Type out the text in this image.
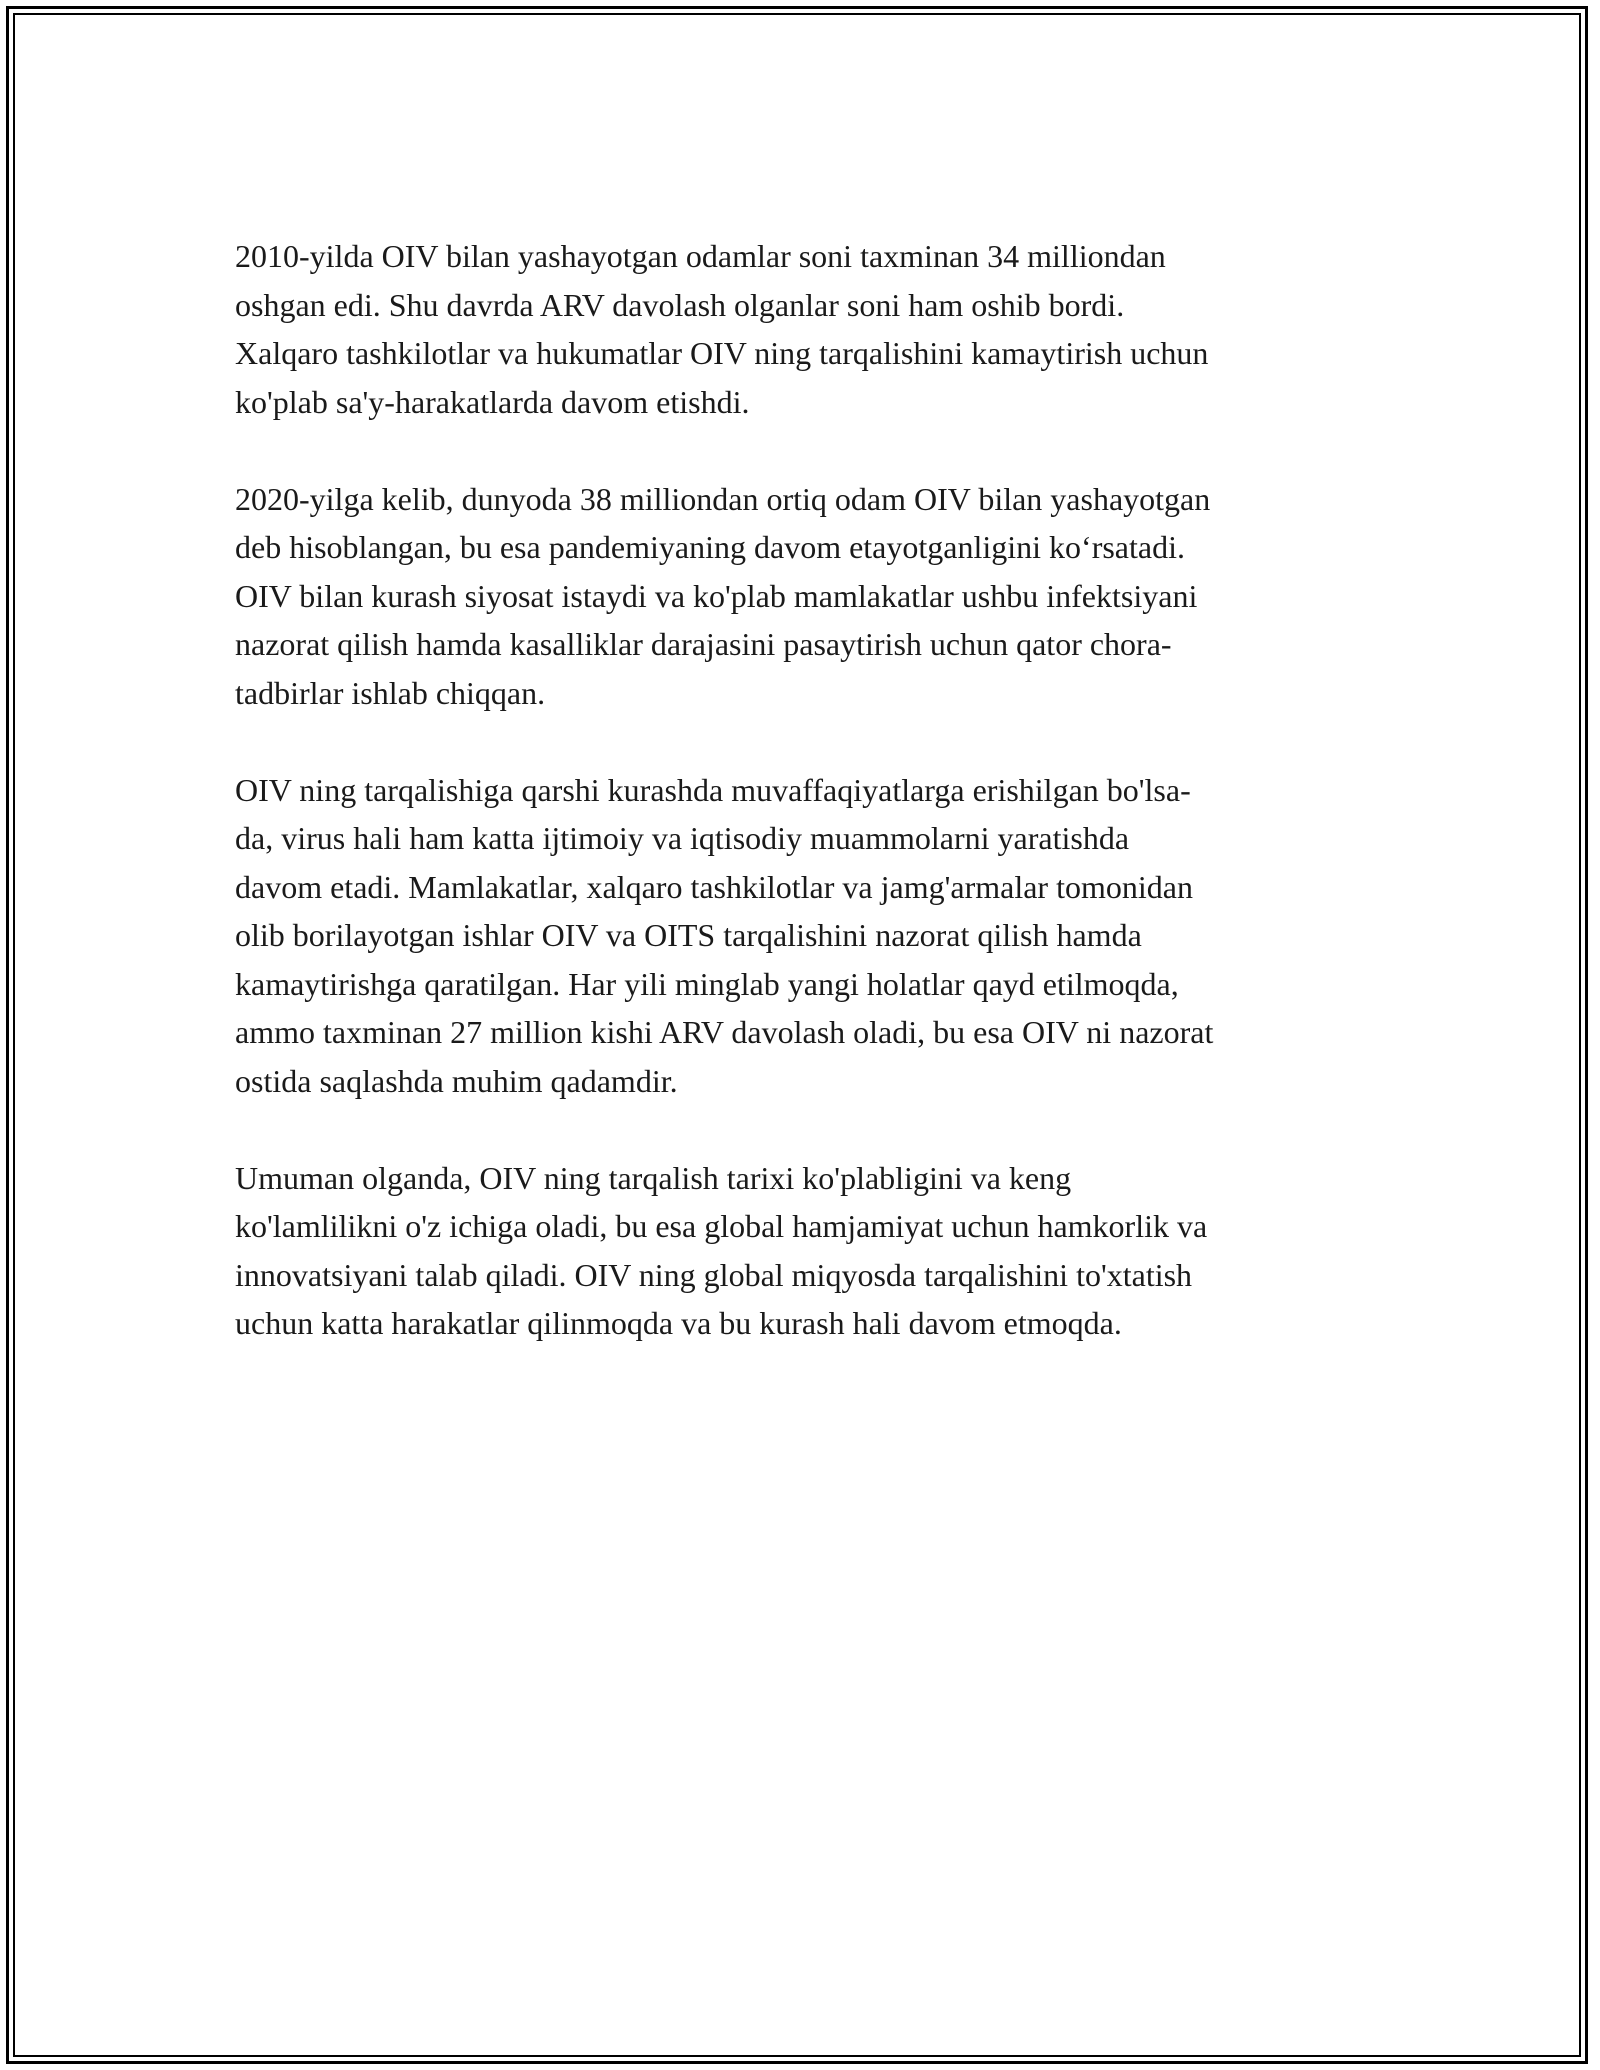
2010-yilda OIV bilan yashayotgan odamlar soni taxminan 34 milliondan
oshgan edi. Shu davrda ARV davolash olganlar soni ham oshib bordi.
Xalqaro tashkilotlar va hukumatlar OIV ning tarqalishini kamaytirish uchun
ko'plab sa'y-harakatlarda davom etishdi.

2020-yilga kelib, dunyoda 38 milliondan ortiq odam OIV bilan yashayotgan
deb hisoblangan, bu esa pandemiyaning davom etayotganligini ko‘rsatadi.
OIV bilan kurash siyosat istaydi va ko'plab mamlakatlar ushbu infektsiyani
nazorat qilish hamda kasalliklar darajasini pasaytirish uchun qator chora-
tadbirlar ishlab chiqqan.

OIV ning tarqalishiga qarshi kurashda muvaffaqiyatlarga erishilgan bo'lsa-
da, virus hali ham katta ijtimoiy va iqtisodiy muammolarni yaratishda
davom etadi. Mamlakatlar, xalqaro tashkilotlar va jamg'armalar tomonidan
olib borilayotgan ishlar OIV va OITS tarqalishini nazorat qilish hamda
kamaytirishga qaratilgan. Har yili minglab yangi holatlar qayd etilmoqda,
ammo taxminan 27 million kishi ARV davolash oladi, bu esa OIV ni nazorat
ostida saqlashda muhim qadamdir.

Umuman olganda, OIV ning tarqalish tarixi ko'plabligini va keng
ko'lamlilikni o'z ichiga oladi, bu esa global hamjamiyat uchun hamkorlik va
innovatsiyani talab qiladi. OIV ning global miqyosda tarqalishini to'xtatish
uchun katta harakatlar qilinmoqda va bu kurash hali davom etmoqda.
